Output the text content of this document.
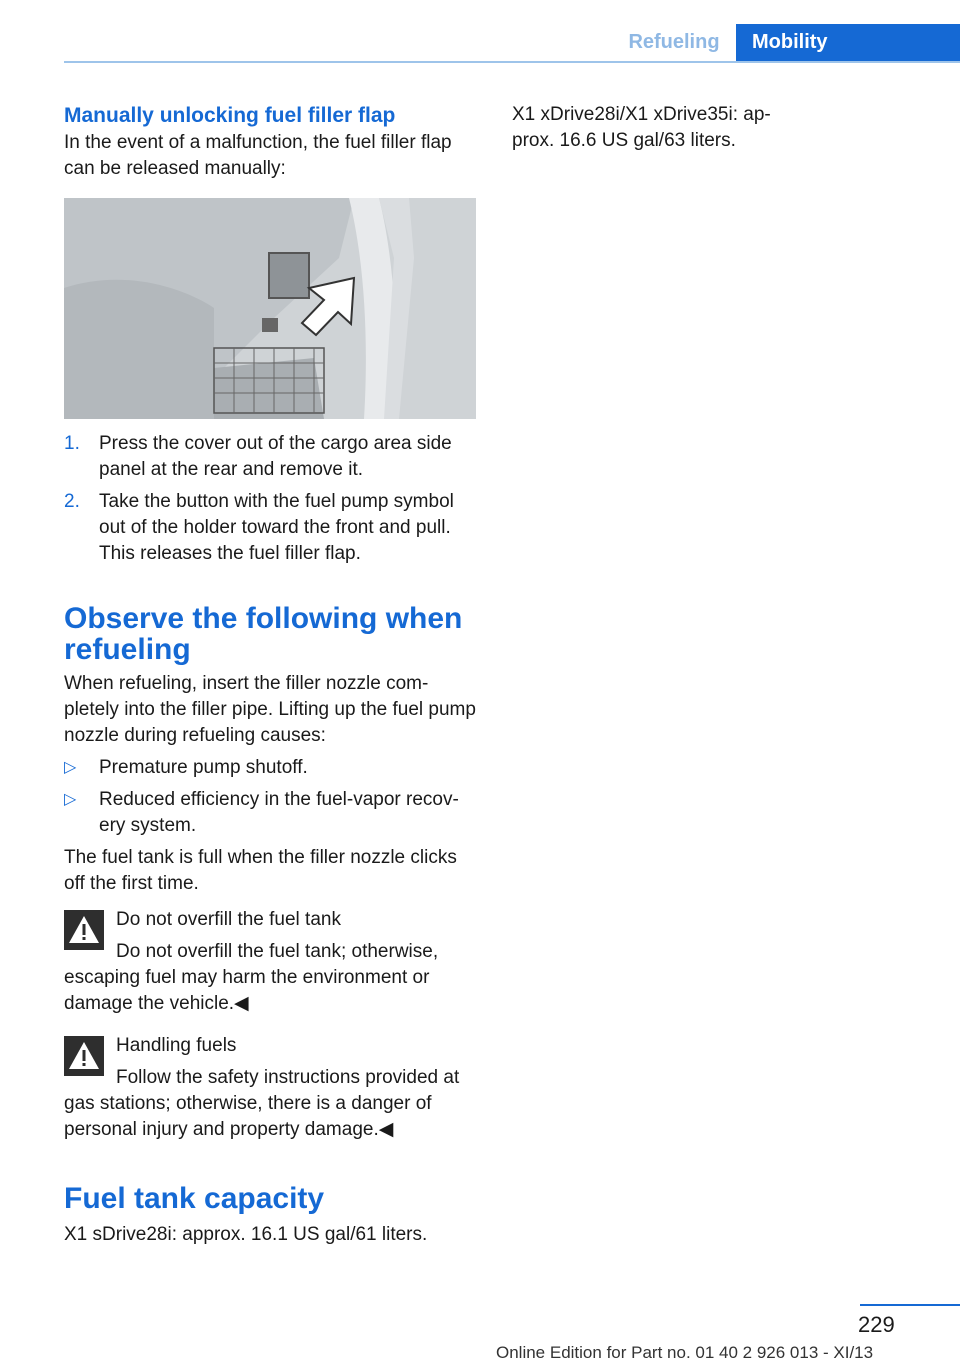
Refueling	Mobility

Manually unlocking fuel filler flap

In the event of a malfunction, the fuel filler flap can be released manually:

1. Press the cover out of the cargo area side panel at the rear and remove it.
2. Take the button with the fuel pump symbol out of the holder toward the front and pull. This releases the fuel filler flap.

Observe the following when refueling

When refueling, insert the filler nozzle com‐pletely into the filler pipe. Lifting up the fuel pump nozzle during refueling causes:

▷ Premature pump shutoff.
▷ Reduced efficiency in the fuel-vapor recov‐ery system.

The fuel tank is full when the filler nozzle clicks off the first time.

Do not overfill the fuel tank

Do not overfill the fuel tank; otherwise,

escaping fuel may harm the environment or damage the vehicle.◀

Handling fuels

Follow the safety instructions provided at

gas stations; otherwise, there is a danger of personal injury and property damage.◀

Fuel tank capacity

X1 sDrive28i: approx. 16.1 US gal/61 liters.

X1 xDrive28i/X1 xDrive35i: ap‐prox. 16.6 US gal/63 liters.

229
Online Edition for Part no. 01 40 2 926 013 - XI/13
